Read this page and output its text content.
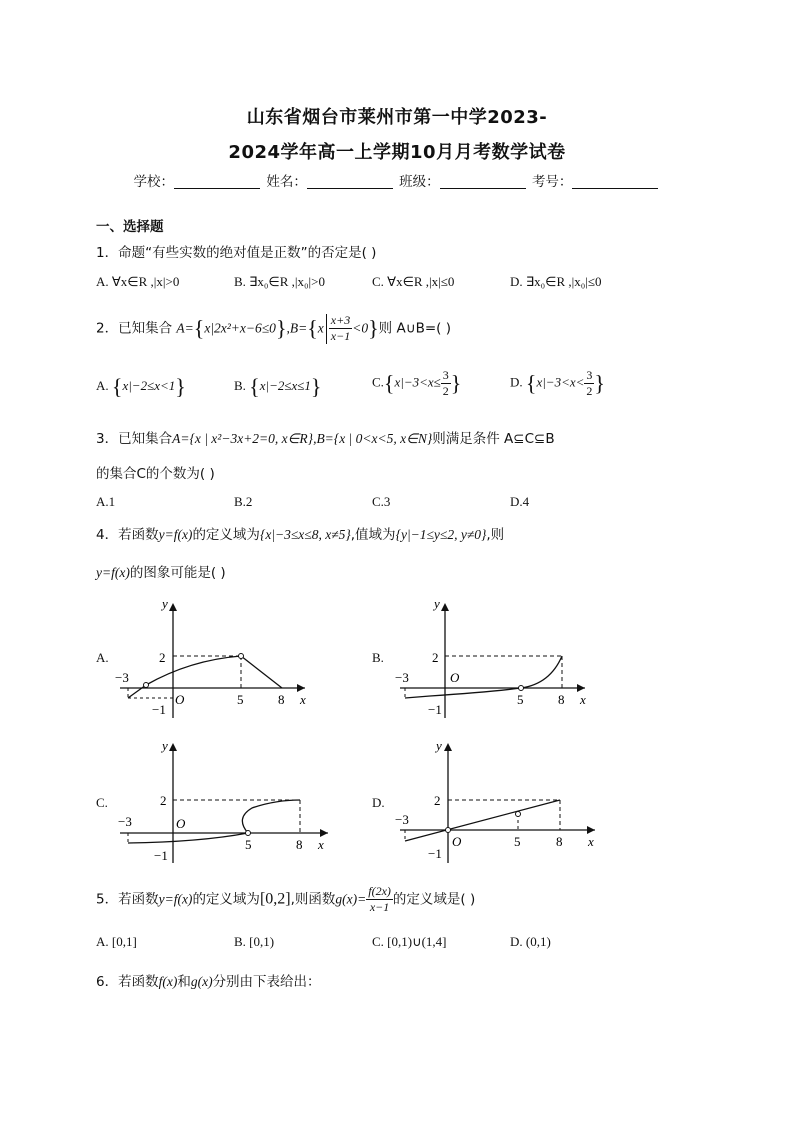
山东省烟台市莱州市第一中学2023-
2024学年高一上学期10月月考数学试卷
学校：	姓名：	班级：	考号：
一、选择题
1．命题“有些实数的绝对值是正数”的否定是( )
A. ∀x∈R ,|x|>0	B. ∃x₀∈R ,|x₀|>0	C. ∀x∈R ,|x|≤0	D. ∃x₀∈R ,|x₀|≤0
2．已知集合 $A=\{x|2x^2+x-6\le 0\},B=\{x \frac{x+3}{x-1} <0\}$则 A∪B=( )
A. {x|−2≤x<1}	B. {x|−2≤x≤1}	$C.\{x|-3<x\le \frac{3}{2}$ }	D. {$x|-3<x< \frac{3}{2}$ }
3．已知集合A={x | x²−3x+2=0, x∈R},B={x | 0<x<5, x∈N}则满足条件 A⊆C⊆B
的集合C的个数为( )
A.1	B.2	C.3	D.4
4．若函数y=f(x)的定义域为{x|−3≤x≤8, x≠5},值域为{y|−1≤y≤2, y≠0},则
y=f(x)的图象可能是( )
A.
y
x
O
2
−1
−3
5	8
B.
y
x
O
2
−1
−3
5	8
C.
y
x
O
2
−1
−3
5	8
D.
y
x
O
2
−1
−3
5	8
5．若函数y=f(x)的定义域为[0,2],则函数$g(x)= \frac{f(2x)}{x-1}$ 的定义域是( )
A. [0,1]	B. [0,1)	C. [0,1)∪(1,4]	D. (0,1)
6．若函数f(x)和g(x)分别由下表给出：
